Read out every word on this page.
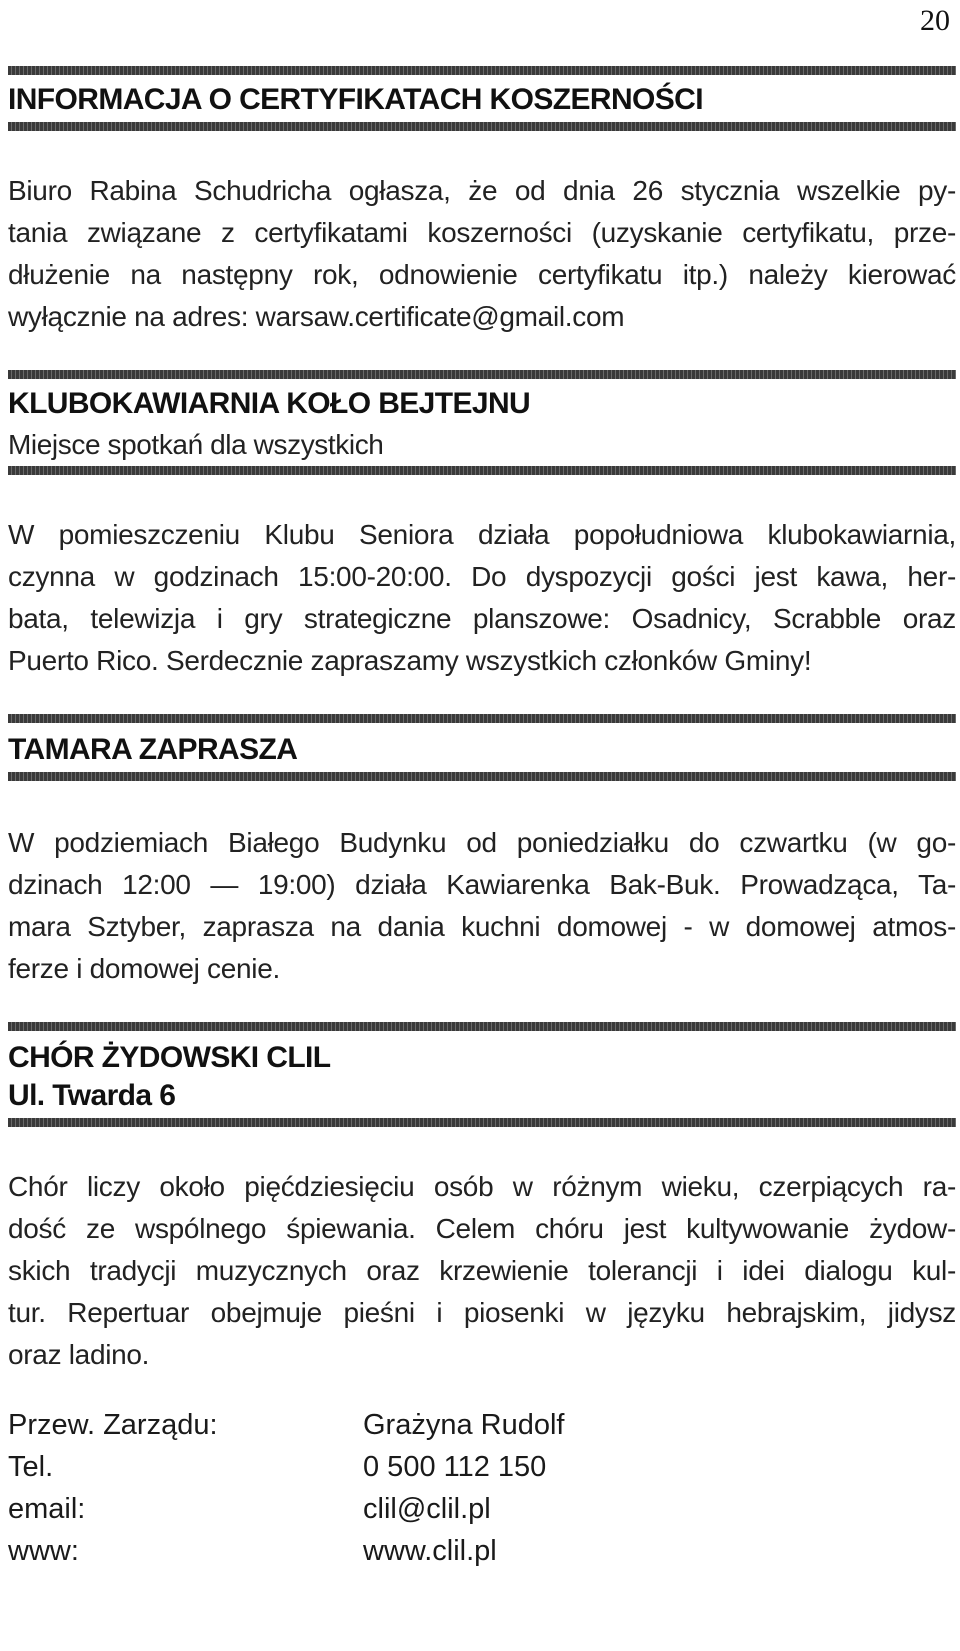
20
INFORMACJA O CERTYFIKATACH KOSZERNOŚCI
Biuro Rabina Schudricha ogłasza, że od dnia 26 stycznia wszelkie py-
tania związane z certyfikatami koszerności (uzyskanie certyfikatu, prze-
dłużenie na następny rok, odnowienie certyfikatu itp.) należy kierować
wyłącznie na adres: warsaw.certificate@gmail.com
KLUBOKAWIARNIA KOŁO BEJTEJNU
Miejsce spotkań dla wszystkich
W pomieszczeniu Klubu Seniora działa popołudniowa klubokawiarnia,
czynna w godzinach 15:00-20:00. Do dyspozycji gości jest kawa, her-
bata, telewizja i gry strategiczne planszowe: Osadnicy, Scrabble oraz
Puerto Rico. Serdecznie zapraszamy wszystkich członków Gminy!
TAMARA ZAPRASZA
W podziemiach Białego Budynku od poniedziałku do czwartku (w go-
dzinach 12:00 — 19:00) działa Kawiarenka Bak-Buk. Prowadząca, Ta-
mara Sztyber, zaprasza na dania kuchni domowej - w domowej atmos-
ferze i domowej cenie.
CHÓR ŻYDOWSKI CLIL
Ul. Twarda 6
Chór liczy około pięćdziesięciu osób w różnym wieku, czerpiących ra-
dość ze wspólnego śpiewania. Celem chóru jest kultywowanie żydow-
skich tradycji muzycznych oraz krzewienie tolerancji i idei dialogu kul-
tur. Repertuar obejmuje pieśni i piosenki w języku hebrajskim, jidysz
oraz ladino.
Przew. Zarządu:	Grażyna Rudolf
Tel.	0 500 112 150
email:	clil@clil.pl
www:	www.clil.pl
